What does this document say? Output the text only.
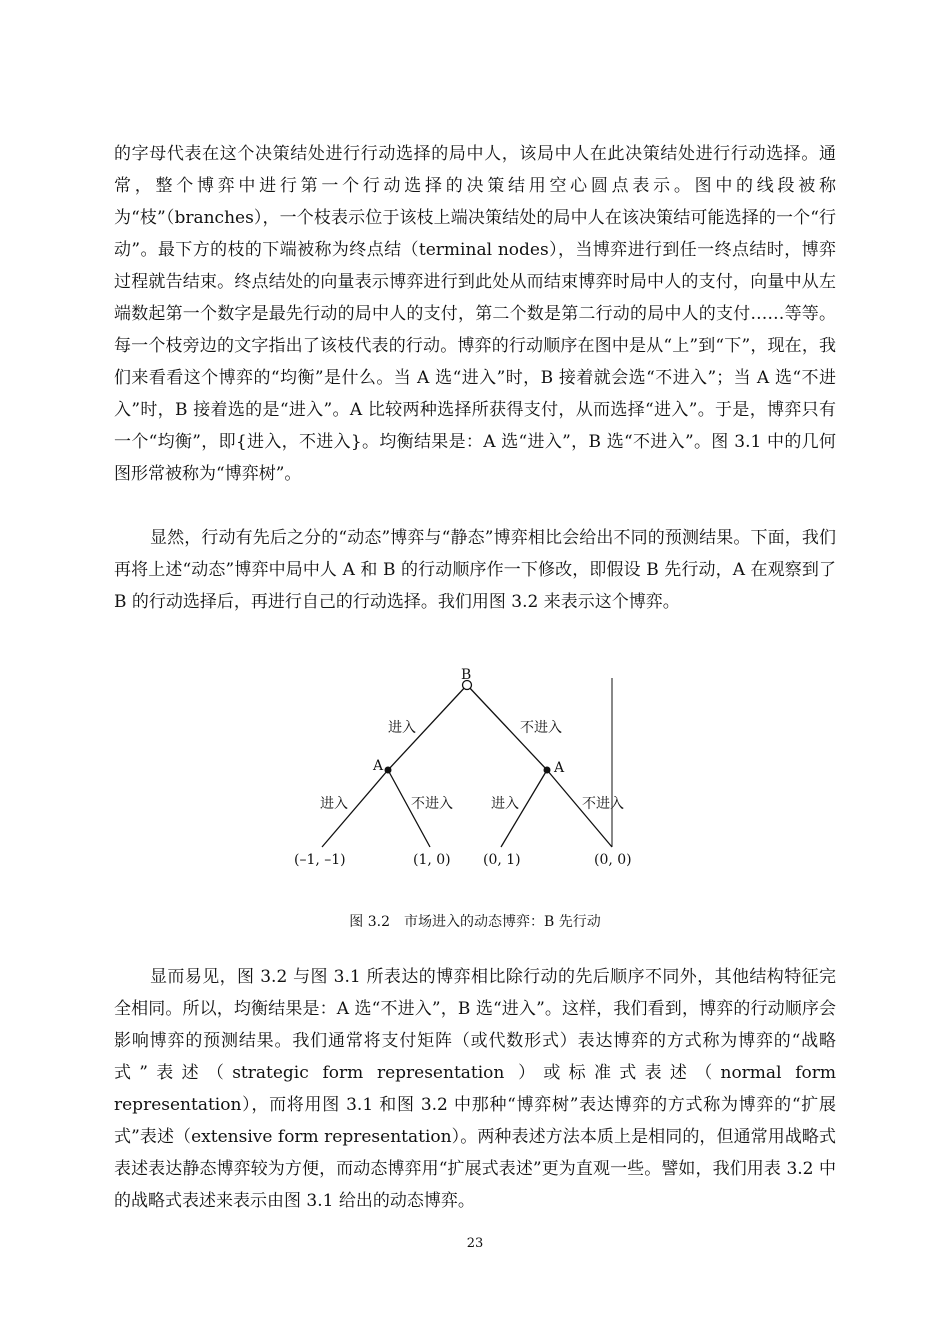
的字母代表在这个决策结处进行行动选择的局中人，该局中人在此决策结处进行行动选择。通常，整个博弈中进行第一个行动选择的决策结用空心圆点表示。图中的线段被称为“枝”（branches），一个枝表示位于该枝上端决策结处的局中人在该决策结可能选择的一个“行动”。最下方的枝的下端被称为终点结（terminal nodes），当博弈进行到任一终点结时，博弈过程就告结束。终点结处的向量表示博弈进行到此处从而结束博弈时局中人的支付，向量中从左端数起第一个数字是最先行动的局中人的支付，第二个数是第二行动的局中人的支付……等等。每一个枝旁边的文字指出了该枝代表的行动。博弈的行动顺序在图中是从“上”到“下”，现在，我们来看看这个博弈的“均衡”是什么。当 A 选“进入”时，B 接着就会选“不进入”；当 A 选“不进入”时，B 接着选的是“进入”。A 比较两种选择所获得支付，从而选择“进入”。于是，博弈只有一个“均衡”，即{进入，不进入}。均衡结果是：A 选“进入”，B 选“不进入”。图 3.1 中的几何图形常被称为“博弈树”。

显然，行动有先后之分的“动态”博弈与“静态”博弈相比会给出不同的预测结果。下面，我们再将上述“动态”博弈中局中人 A 和 B 的行动顺序作一下修改，即假设 B 先行动，A 在观察到了 B 的行动选择后，再进行自己的行动选择。我们用图 3.2 来表示这个博弈。

B
A	A
进入	不进入
进入	不进入	进入	不进入
(–1, –1)	(1, 0) (0, 1)	(0, 0)
图 3.2　市场进入的动态博弈：B 先行动

显而易见，图 3.2 与图 3.1 所表达的博弈相比除行动的先后顺序不同外，其他结构特征完全相同。所以，均衡结果是：A 选“不进入”，B 选“进入”。这样，我们看到，博弈的行动顺序会影响博弈的预测结果。我们通常将支付矩阵（或代数形式）表达博弈的方式称为博弈的“战略式”表述（strategic form representation ）或标准式表述（normal form representation），而将用图 3.1 和图 3.2 中那种“博弈树”表达博弈的方式称为博弈的“扩展式”表述（extensive form representation）。两种表述方法本质上是相同的，但通常用战略式表述表达静态博弈较为方便，而动态博弈用“扩展式表述”更为直观一些。譬如，我们用表 3.2 中的战略式表述来表示由图 3.1 给出的动态博弈。

23
